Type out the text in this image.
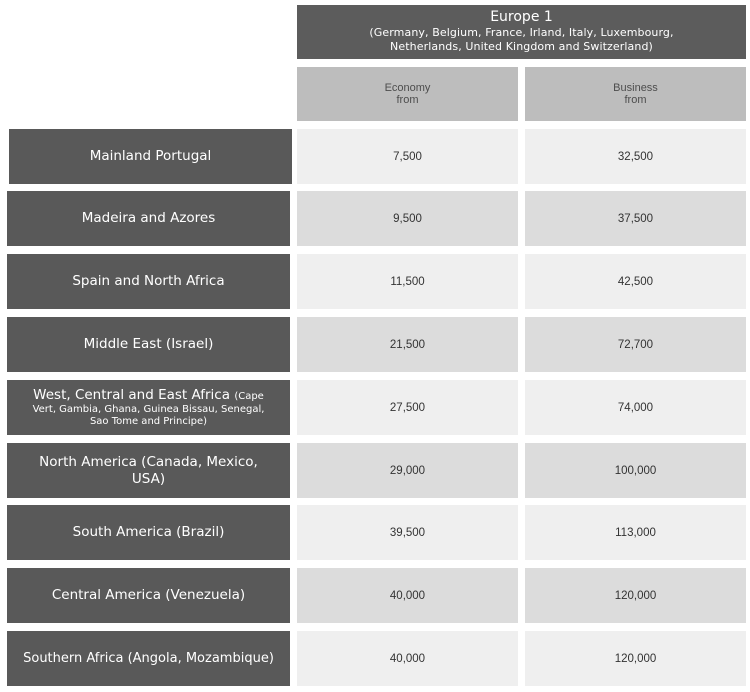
Europe 1
(Germany, Belgium, France, Irland, Italy, Luxembourg,
Netherlands, United Kingdom and Switzerland)
Economy
from
Business
from
Mainland Portugal	7,500	32,500
Madeira and Azores	9,500	37,500
Spain and North Africa	11,500	42,500
Middle East (Israel)	21,500	72,700
West, Central and East Africa (Cape
Vert, Gambia, Ghana, Guinea Bissau, Senegal,
Sao Tome and Principe)
27,500	74,000
North America (Canada, Mexico,
USA)	29,000	100,000
South America (Brazil)	39,500	113,000
Central America (Venezuela)	40,000	120,000
Southern Africa (Angola, Mozambique)	40,000	120,000
